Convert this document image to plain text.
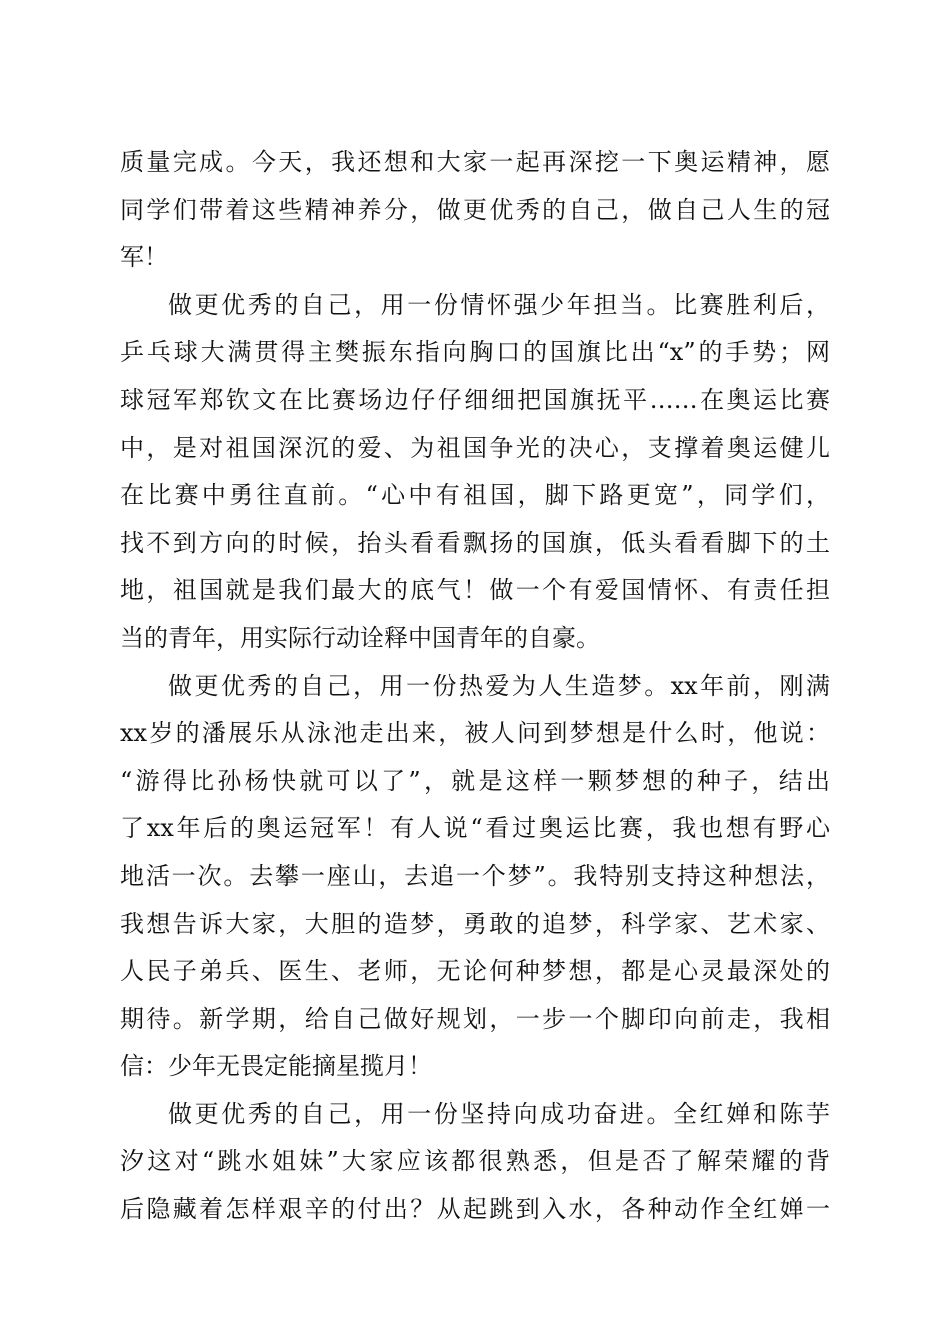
质量完成。今天，我还想和大家一起再深挖一下奥运精神，愿
同学们带着这些精神养分，做更优秀的自己，做自己人生的冠
军！
做更优秀的自己，用一份情怀强少年担当。比赛胜利后，
乒乓球大满贯得主樊振东指向胸口的国旗比出“x”的手势；网
球冠军郑钦文在比赛场边仔仔细细把国旗抚平……在奥运比赛
中，是对祖国深沉的爱、为祖国争光的决心，支撑着奥运健儿
在比赛中勇往直前。“心中有祖国，脚下路更宽”，同学们，
找不到方向的时候，抬头看看飘扬的国旗，低头看看脚下的土
地，祖国就是我们最大的底气！做一个有爱国情怀、有责任担
当的青年，用实际行动诠释中国青年的自豪。
做更优秀的自己，用一份热爱为人生造梦。xx年前，刚满
xx岁的潘展乐从泳池走出来，被人问到梦想是什么时，他说：
“游得比孙杨快就可以了”，就是这样一颗梦想的种子，结出
了xx年后的奥运冠军！有人说“看过奥运比赛，我也想有野心
地活一次。去攀一座山，去追一个梦”。我特别支持这种想法，
我想告诉大家，大胆的造梦，勇敢的追梦，科学家、艺术家、
人民子弟兵、医生、老师，无论何种梦想，都是心灵最深处的
期待。新学期，给自己做好规划，一步一个脚印向前走，我相
信：少年无畏定能摘星揽月！
做更优秀的自己，用一份坚持向成功奋进。全红婵和陈芋
汐这对“跳水姐妹”大家应该都很熟悉，但是否了解荣耀的背
后隐藏着怎样艰辛的付出？从起跳到入水，各种动作全红婵一
